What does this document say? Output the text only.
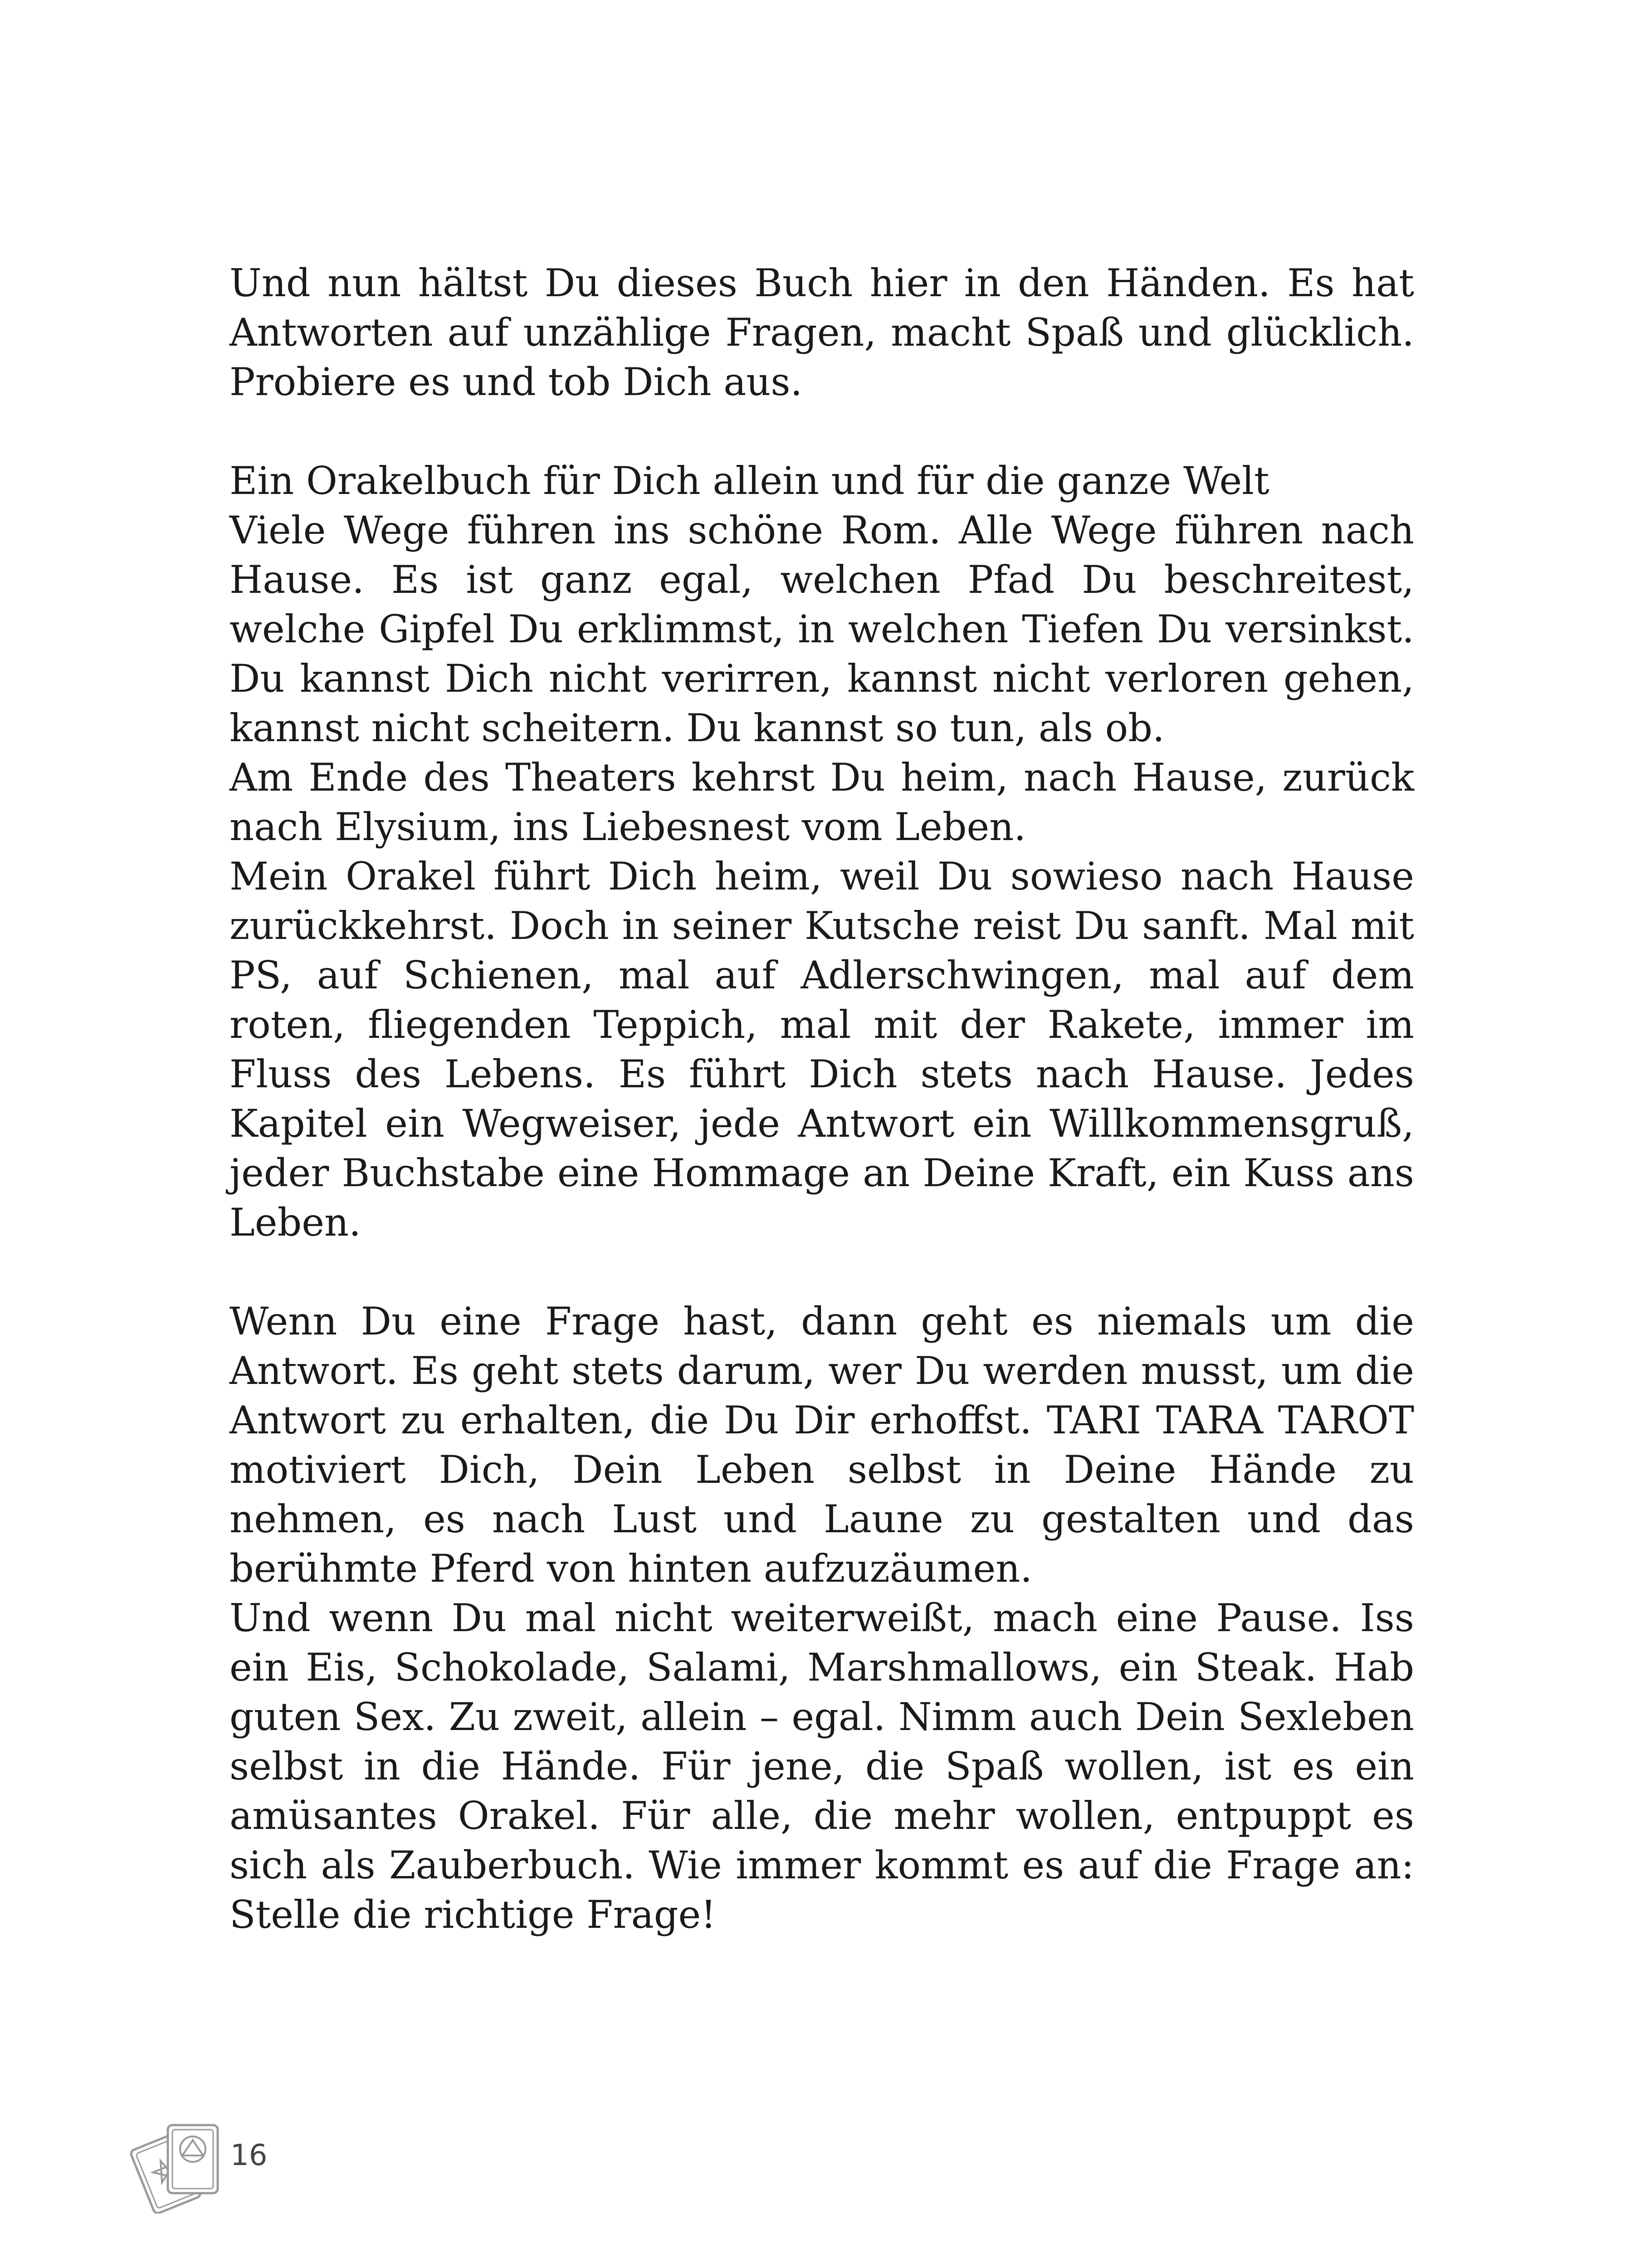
Und nun hältst Du dieses Buch hier in den Händen. Es hat Antworten auf unzählige Fragen, macht Spaß und glücklich. Probiere es und tob Dich aus.

Ein Orakelbuch für Dich allein und für die ganze Welt

Viele Wege führen ins schöne Rom. Alle Wege führen nach Hause. Es ist ganz egal, welchen Pfad Du beschreitest, welche Gipfel Du erklimmst, in welchen Tiefen Du versinkst. Du kannst Dich nicht verirren, kannst nicht verloren gehen, kannst nicht scheitern. Du kannst so tun, als ob.

Am Ende des Theaters kehrst Du heim, nach Hause, zurück nach Elysium, ins Liebesnest vom Leben.

Mein Orakel führt Dich heim, weil Du sowieso nach Hause zurückkehrst. Doch in seiner Kutsche reist Du sanft. Mal mit PS, auf Schienen, mal auf Adlerschwingen, mal auf dem roten, fliegenden Teppich, mal mit der Rakete, immer im Fluss des Lebens. Es führt Dich stets nach Hause. Jedes Kapitel ein Wegweiser, jede Antwort ein Willkommensgruß, jeder Buchstabe eine Hommage an Deine Kraft, ein Kuss ans Leben.

Wenn Du eine Frage hast, dann geht es niemals um die Antwort. Es geht stets darum, wer Du werden musst, um die Antwort zu erhalten, die Du Dir erhoffst. TARI TARA TAROT motiviert Dich, Dein Leben selbst in Deine Hände zu nehmen, es nach Lust und Laune zu gestalten und das berühmte Pferd von hinten aufzuzäumen.

Und wenn Du mal nicht weiterweißt, mach eine Pause. Iss ein Eis, Schokolade, Salami, Marshmallows, ein Steak. Hab guten Sex. Zu zweit, allein – egal. Nimm auch Dein Sexleben selbst in die Hände. Für jene, die Spaß wollen, ist es ein amüsantes Orakel. Für alle, die mehr wollen, entpuppt es sich als Zauberbuch. Wie immer kommt es auf die Frage an: Stelle die richtige Frage!

16
